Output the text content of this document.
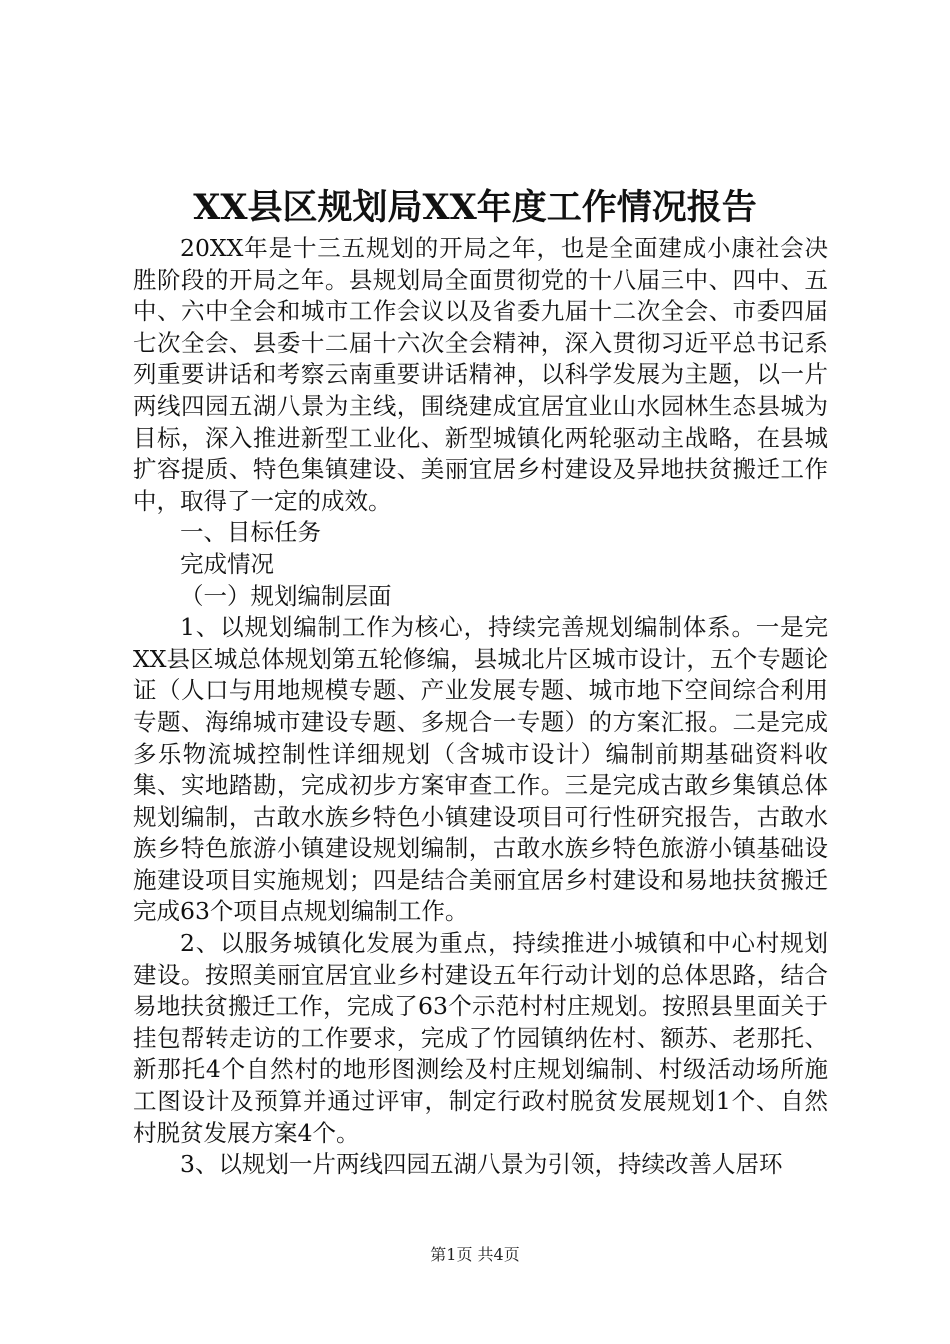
XX县区规划局XX年度工作情况报告

20XX年是十三五规划的开局之年，也是全面建成小康社会决胜阶段的开局之年。县规划局全面贯彻党的十八届三中、四中、五中、六中全会和城市工作会议以及省委九届十二次全会、市委四届七次全会、县委十二届十六次全会精神，深入贯彻习近平总书记系列重要讲话和考察云南重要讲话精神，以科学发展为主题，以一片两线四园五湖八景为主线，围绕建成宜居宜业山水园林生态县城为目标，深入推进新型工业化、新型城镇化两轮驱动主战略，在县城扩容提质、特色集镇建设、美丽宜居乡村建设及异地扶贫搬迁工作中，取得了一定的成效。

一、目标任务

完成情况

（一）规划编制层面

1、以规划编制工作为核心，持续完善规划编制体系。一是完XX县区城总体规划第五轮修编，县城北片区城市设计，五个专题论证（人口与用地规模专题、产业发展专题、城市地下空间综合利用专题、海绵城市建设专题、多规合一专题）的方案汇报。二是完成多乐物流城控制性详细规划（含城市设计）编制前期基础资料收集、实地踏勘，完成初步方案审查工作。三是完成古敢乡集镇总体规划编制，古敢水族乡特色小镇建设项目可行性研究报告，古敢水族乡特色旅游小镇建设规划编制，古敢水族乡特色旅游小镇基础设施建设项目实施规划；四是结合美丽宜居乡村建设和易地扶贫搬迁完成63个项目点规划编制工作。

2、以服务城镇化发展为重点，持续推进小城镇和中心村规划建设。按照美丽宜居宜业乡村建设五年行动计划的总体思路，结合易地扶贫搬迁工作，完成了63个示范村村庄规划。按照县里面关于挂包帮转走访的工作要求，完成了竹园镇纳佐村、额苏、老那托、新那托4个自然村的地形图测绘及村庄规划编制、村级活动场所施工图设计及预算并通过评审，制定行政村脱贫发展规划1个、自然村脱贫发展方案4个。

3、以规划一片两线四园五湖八景为引领，持续改善人居环

第1页 共4页
